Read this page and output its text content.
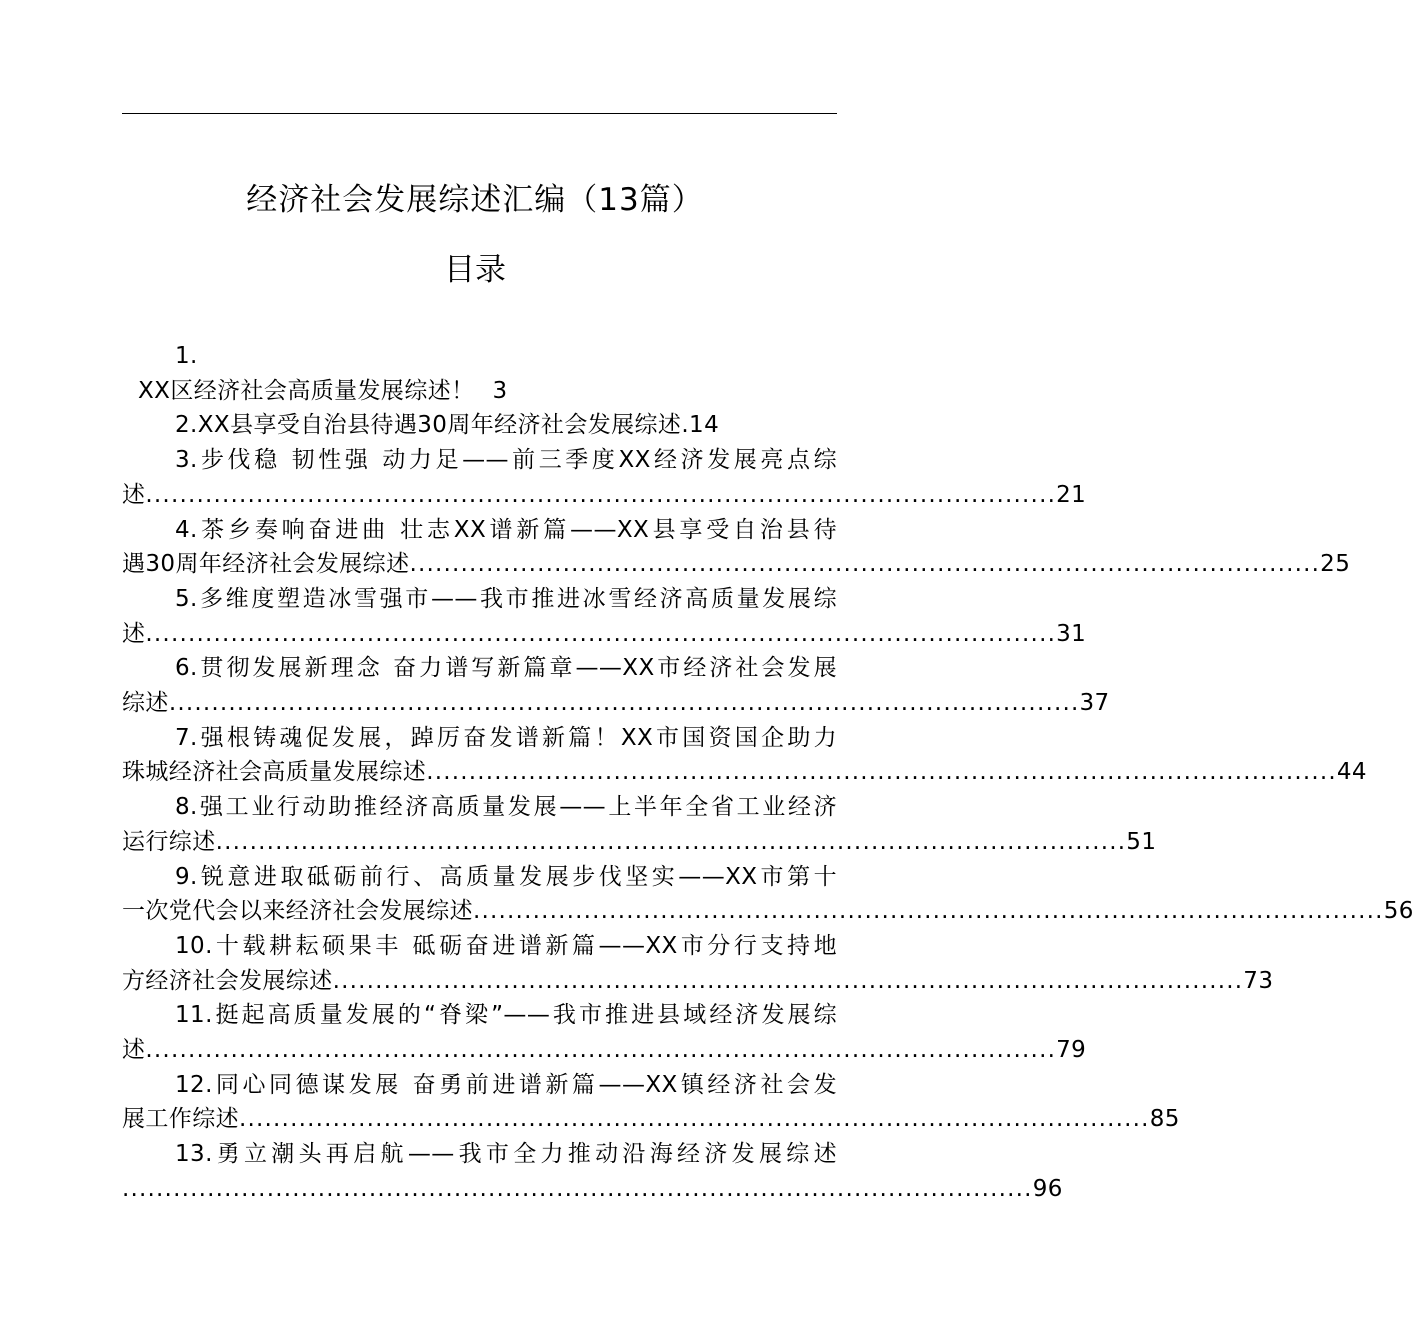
经济社会发展综述汇编（13篇）
目录
1.
XX区经济社会高质量发展综述！ 3
2. XX县享受自治县待遇30周年经济社会发展综述. 14
3.步伐稳 韧性强 动力足——前三季度XX经济发展亮点综
述 ........................................................................................................... 21
4.茶乡奏响奋进曲 壮志XX谱新篇——XX县享受自治县待
遇30周年经济社会发展综述 ........................................................................................................... 25
5.多维度塑造冰雪强市——我市推进冰雪经济高质量发展综
述 ........................................................................................................... 31
6.贯彻发展新理念 奋力谱写新篇章——XX市经济社会发展
综述 ........................................................................................................... 37
7.强根铸魂促发展，踔厉奋发谱新篇！XX市国资国企助力
珠城经济社会高质量发展综述 ........................................................................................................... 44
8.强工业行动助推经济高质量发展——上半年全省工业经济
运行综述 ........................................................................................................... 51
9.锐意进取砥砺前行、高质量发展步伐坚实——XX市第十
一次党代会以来经济社会发展综述 ........................................................................................................... 56
10.十载耕耘硕果丰 砥砺奋进谱新篇——XX市分行支持地
方经济社会发展综述 ........................................................................................................... 73
11.挺起高质量发展的“脊梁”——我市推进县域经济发展综
述 ........................................................................................................... 79
12.同心同德谋发展 奋勇前进谱新篇——XX镇经济社会发
展工作综述 ........................................................................................................... 85
13.勇立潮头再启航——我市全力推动沿海经济发展综述
........................................................................................................... 96
